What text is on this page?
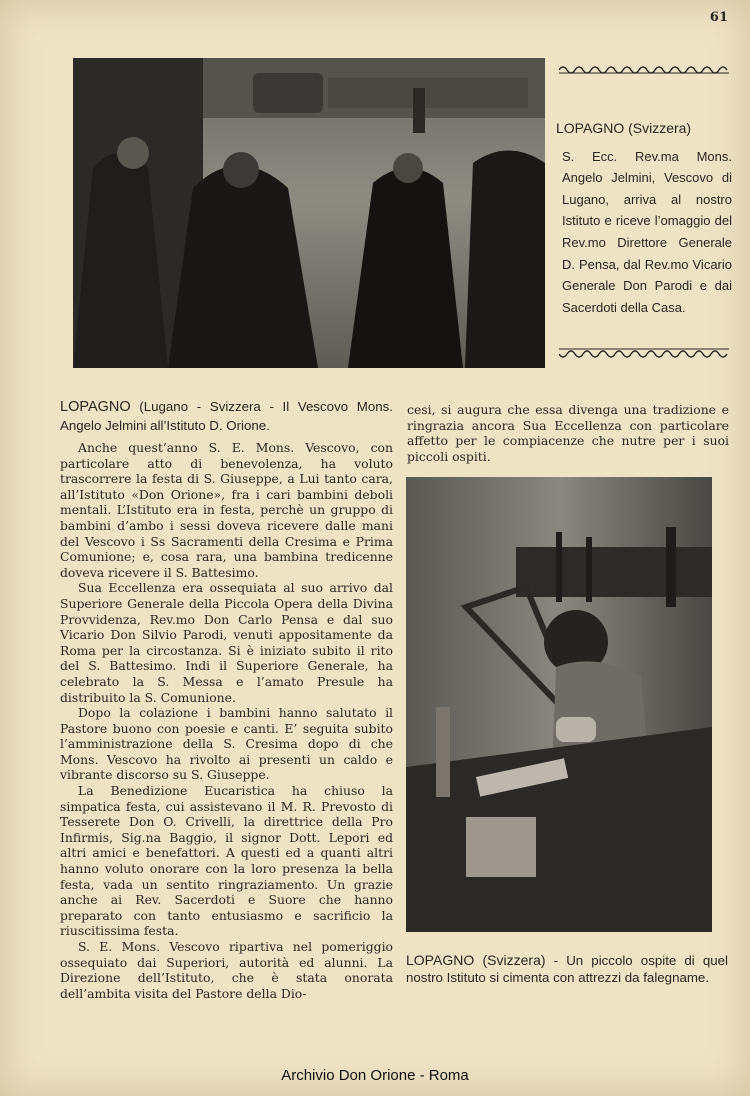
61
LOPAGNO (Svizzera)
S. Ecc. Rev.ma Mons. Angelo Jelmini, Vescovo di Lugano, arriva al nostro Istituto e riceve l’omaggio del Rev.mo Direttore Generale D. Pensa, dal Rev.mo Vicario Generale Don Parodi e dai Sacerdoti della Casa.
LOPAGNO (Lugano - Svizzera - Il Vescovo Mons. Angelo Jelmini all’Istituto D. Orione.

Anche quest’anno S. E. Mons. Vescovo, con particolare atto di benevolenza, ha voluto trascorrere la festa di S. Giuseppe, a Lui tanto cara, all’Istituto «Don Orione», fra i cari bambini deboli mentali. L’Istituto era in festa, perchè un gruppo di bambini d’ambo i sessi doveva ricevere dalle mani del Vescovo i Ss Sacramenti della Cresima e Prima Comunione; e, cosa rara, una bambina tredicenne doveva ricevere il S. Battesimo.

Sua Eccellenza era ossequiata al suo arrivo dal Superiore Generale della Piccola Opera della Divina Provvidenza, Rev.mo Don Carlo Pensa e dal suo Vicario Don Silvio Parodi, venuti appositamente da Roma per la circostanza. Si è iniziato subito il rito del S. Battesimo. Indi il Superiore Generale, ha celebrato la S. Messa e l’amato Presule ha distribuito la S. Comunione.

Dopo la colazione i bambini hanno salutato il Pastore buono con poesie e canti. E’ seguita subito l’amministrazione della S. Cresima dopo di che Mons. Vescovo ha rivolto ai presenti un caldo e vibrante discorso su S. Giuseppe.

La Benedizione Eucaristica ha chiuso la simpatica festa, cui assistevano il M. R. Prevosto di Tesserete Don O. Crivelli, la direttrice della Pro Infirmis, Sig.na Baggio, il signor Dott. Lepori ed altri amici e benefattori. A questi ed a quanti altri hanno voluto onorare con la loro presenza la bella festa, vada un sentito ringraziamento. Un grazie anche ai Rev. Sacerdoti e Suore che hanno preparato con tanto entusiasmo e sacrificio la riuscitissima festa.

S. E. Mons. Vescovo ripartiva nel pomeriggio ossequiato dai Superiori, autorità ed alunni. La Direzione dell’Istituto, che è stata onorata dell’ambita visita del Pastore della Dio-

cesi, si augura che essa divenga una tradizione e ringrazia ancora Sua Eccellenza con particolare affetto per le compiacenze che nutre per i suoi piccoli ospiti.
LOPAGNO (Svizzera) - Un piccolo ospite di quel nostro Istituto si cimenta con attrezzi da falegname.
Archivio Don Orione - Roma
